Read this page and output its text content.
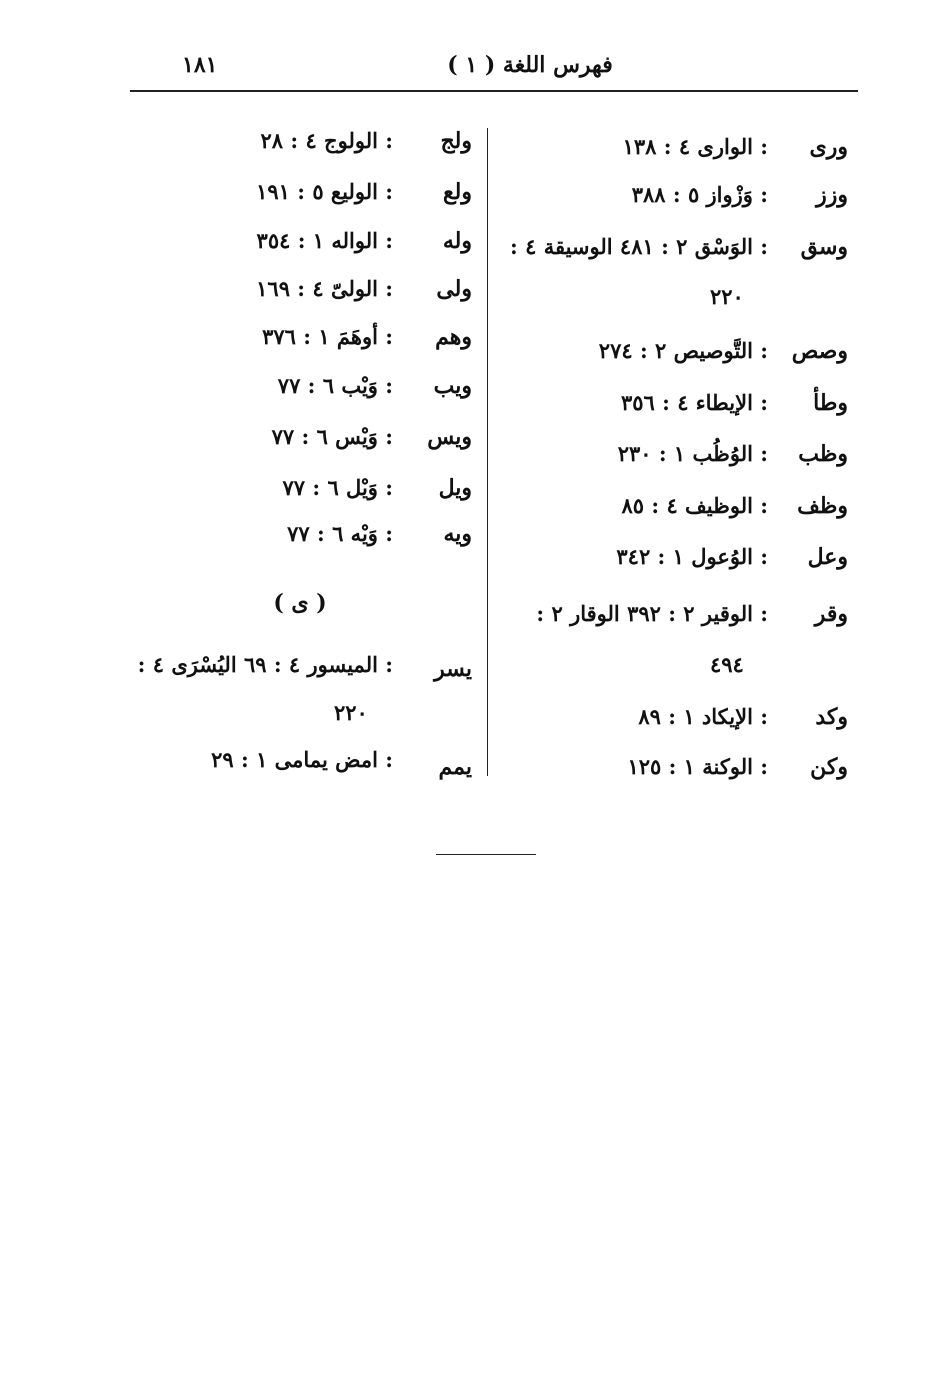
١٨١	فهرس اللغة ( ١ )
ورى
: الوارى ٤ : ١٣٨
وزز
: وَزْواز ٥ : ٣٨٨
وسق
: الوَسْق ٢ : ٤٨١ الوسيقة ٤ :
٢٢٠
وصص
: التَّوصيص ٢ : ٢٧٤
وطأ
: الإيطاء ٤ : ٣٥٦
وظب
: الوُظُب ١ : ٢٣٠
وظف
: الوظيف ٤ : ٨٥
وعل
: الوُعول ١ : ٣٤٢
وقر
: الوقير ٢ : ٣٩٢ الوقار ٢ :
٤٩٤
وكد
: الإيكاد ١ : ٨٩
وكن
: الوكنة ١ : ١٢٥
ولج
: الولوج ٤ : ٢٨
ولع
: الوليع ٥ : ١٩١
وله
: الواله ١ : ٣٥٤
ولى
: الولىّ ٤ : ١٦٩
وهم
: أوهَمَ ١ : ٣٧٦
ويب
: وَيْب ٦ : ٧٧
ويس
: وَيْس ٦ : ٧٧
ويل
: وَيْل ٦ : ٧٧
ويه
: وَيْه ٦ : ٧٧
( ى )
يسر
: الميسور ٤ : ٦٩ اليُسْرَى ٤ :
٢٢٠
يمم
: امض يمامى ١ : ٢٩
